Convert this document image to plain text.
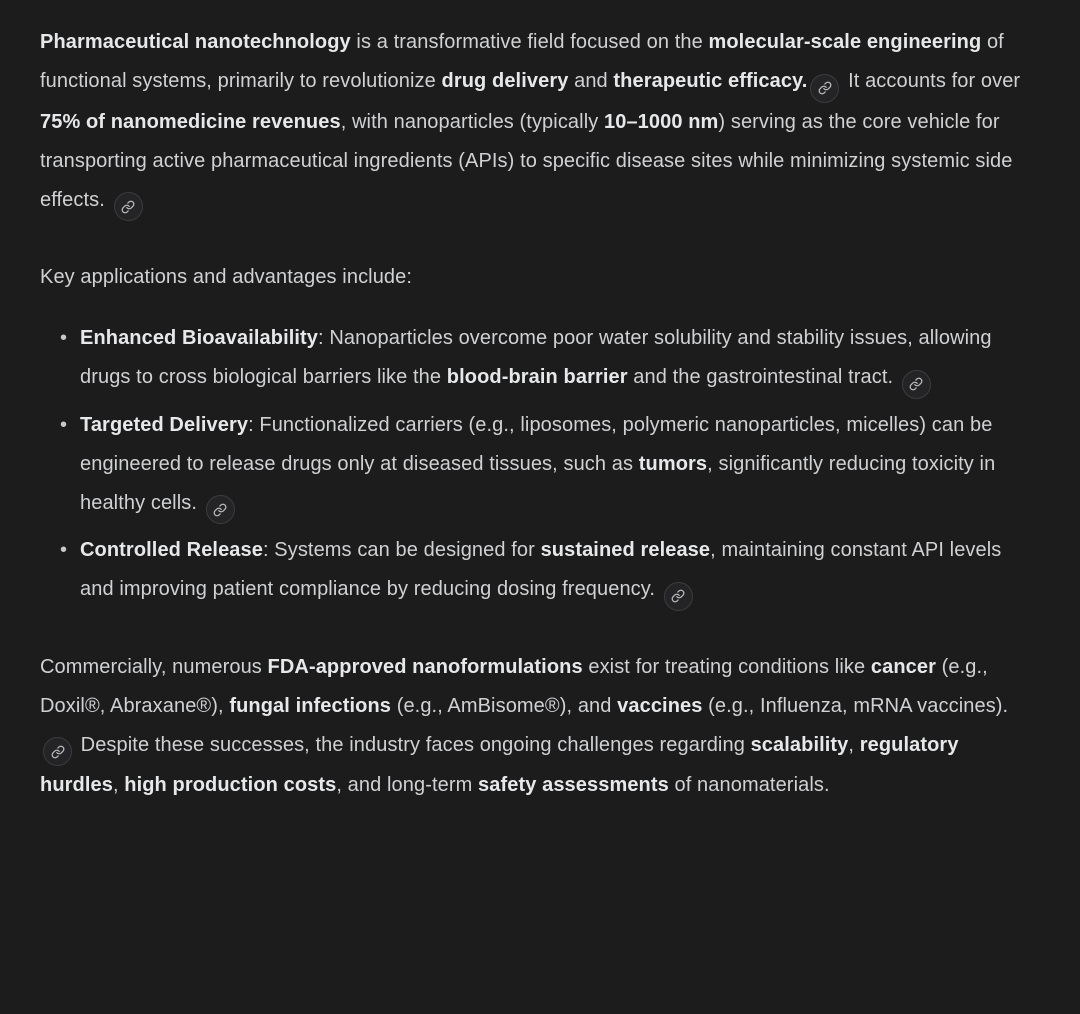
Pharmaceutical nanotechnology is a transformative field focused on the molecular-scale engineering of functional systems, primarily to revolutionize drug delivery and therapeutic efficacy.
It accounts for over 75% of nanomedicine revenues, with nanoparticles (typically 10–1000 nm) serving as the core vehicle for transporting active pharmaceutical ingredients (APIs) to specific disease sites while minimizing systemic side effects.

Key applications and advantages include:

• Enhanced Bioavailability: Nanoparticles overcome poor water solubility and stability issues, allowing drugs to cross biological barriers like the blood-brain barrier and the gastrointestinal tract.
• Targeted Delivery: Functionalized carriers (e.g., liposomes, polymeric nanoparticles, micelles) can be engineered to release drugs only at diseased tissues, such as tumors, significantly reducing toxicity in healthy cells.
• Controlled Release: Systems can be designed for sustained release, maintaining constant API levels and improving patient compliance by reducing dosing frequency.

Commercially, numerous FDA-approved nanoformulations exist for treating conditions like cancer (e.g., Doxil®, Abraxane®), fungal infections (e.g., AmBisome®), and vaccines (e.g., Influenza, mRNA vaccines).
Despite these successes, the industry faces ongoing challenges regarding scalability, regulatory hurdles, high production costs, and long-term safety assessments of nanomaterials.
